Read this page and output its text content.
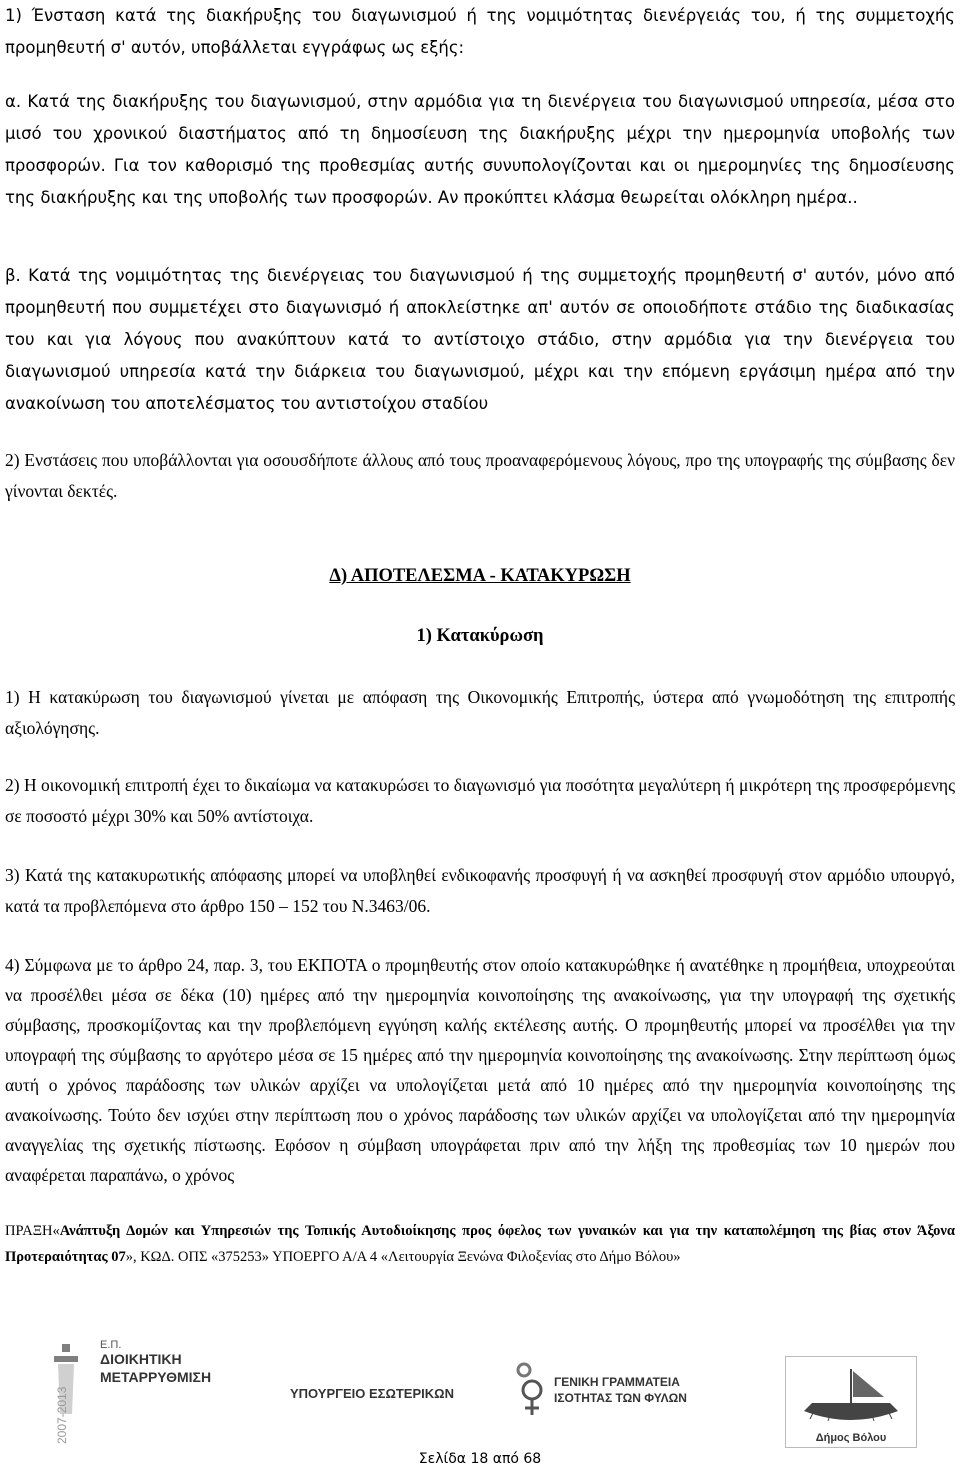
1) Ένσταση κατά της διακήρυξης του διαγωνισμού ή της νομιμότητας διενέργειάς του, ή της συμμετοχής προμηθευτή σ' αυτόν, υποβάλλεται εγγράφως ως εξής:

α. Κατά της διακήρυξης του διαγωνισμού, στην αρμόδια για τη διενέργεια του διαγωνισμού υπηρεσία, μέσα στο μισό του χρονικού διαστήματος από τη δημοσίευση της διακήρυξης μέχρι την ημερομηνία υποβολής των προσφορών. Για τον καθορισμό της προθεσμίας αυτής συνυπολογίζονται και οι ημερομηνίες της δημοσίευσης της διακήρυξης και της υποβολής των προσφορών. Αν προκύπτει κλάσμα θεωρείται ολόκληρη ημέρα..

β. Κατά της νομιμότητας της διενέργειας του διαγωνισμού ή της συμμετοχής προμηθευτή σ' αυτόν, μόνο από προμηθευτή που συμμετέχει στο διαγωνισμό ή αποκλείστηκε απ' αυτόν σε οποιοδήποτε στάδιο της διαδικασίας του και για λόγους που ανακύπτουν κατά το αντίστοιχο στάδιο, στην αρμόδια για την διενέργεια του διαγωνισμού υπηρεσία κατά την διάρκεια του διαγωνισμού, μέχρι και την επόμενη εργάσιμη ημέρα από την ανακοίνωση του αποτελέσματος του αντιστοίχου σταδίου

2) Ενστάσεις που υποβάλλονται για οσουσδήποτε άλλους από τους προαναφερόμενους λόγους, προ της υπογραφής της σύμβασης δεν γίνονται δεκτές.

Δ) ΑΠΟΤΕΛΕΣΜΑ - ΚΑΤΑΚΥΡΩΣΗ
1) Κατακύρωση

1) Η κατακύρωση του διαγωνισμού γίνεται με απόφαση της Οικονομικής Επιτροπής, ύστερα από γνωμοδότηση της επιτροπής αξιολόγησης.

2) Η οικονομική επιτροπή έχει το δικαίωμα να κατακυρώσει το διαγωνισμό για ποσότητα μεγαλύτερη ή μικρότερη της προσφερόμενης σε ποσοστό μέχρι 30% και 50% αντίστοιχα.

3) Κατά της κατακυρωτικής απόφασης μπορεί να υποβληθεί ενδικοφανής προσφυγή ή να ασκηθεί προσφυγή στον αρμόδιο υπουργό, κατά τα προβλεπόμενα στο άρθρο 150 – 152 του Ν.3463/06.

4) Σύμφωνα με το άρθρο 24, παρ. 3, του ΕΚΠΟΤΑ ο προμηθευτής στον οποίο κατακυρώθηκε ή ανατέθηκε η προμήθεια, υποχρεούται να προσέλθει μέσα σε δέκα (10) ημέρες από την ημερομηνία κοινοποίησης της ανακοίνωσης, για την υπογραφή της σχετικής σύμβασης, προσκομίζοντας και την προβλεπόμενη εγγύηση καλής εκτέλεσης αυτής. Ο προμηθευτής μπορεί να προσέλθει για την υπογραφή της σύμβασης το αργότερο μέσα σε 15 ημέρες από την ημερομηνία κοινοποίησης της ανακοίνωσης. Στην περίπτωση όμως αυτή ο χρόνος παράδοσης των υλικών αρχίζει να υπολογίζεται μετά από 10 ημέρες από την ημερομηνία κοινοποίησης της ανακοίνωσης. Τούτο δεν ισχύει στην περίπτωση που ο χρόνος παράδοσης των υλικών αρχίζει να υπολογίζεται από την ημερομηνία αναγγελίας της σχετικής πίστωσης. Εφόσον η σύμβαση υπογράφεται πριν από την λήξη της προθεσμίας των 10 ημερών που αναφέρεται παραπάνω, ο χρόνος

ΠΡΑΞΗ«Ανάπτυξη Δομών και Υπηρεσιών της Τοπικής Αυτοδιοίκησης προς όφελος των γυναικών και για την καταπολέμηση της βίας στον Άξονα Προτεραιότητας 07», ΚΩΔ. ΟΠΣ «375253» ΥΠΟΕΡΓΟ Α/Α 4 «Λειτουργία Ξενώνα Φιλοξενίας στο Δήμο Βόλου»

2007-2013
Ε.Π.
ΔΙΟΙΚΗΤΙΚΗ
ΜΕΤΑΡΡΥΘΜΙΣΗ
ΥΠΟΥΡΓΕΙΟ ΕΣΩΤΕΡΙΚΩΝ
ΓΕΝΙΚΗ ΓΡΑΜΜΑΤΕΙΑ
ΙΣΟΤΗΤΑΣ ΤΩΝ ΦΥΛΩΝ
Δήμος Βόλου
Σελίδα 18 από 68
